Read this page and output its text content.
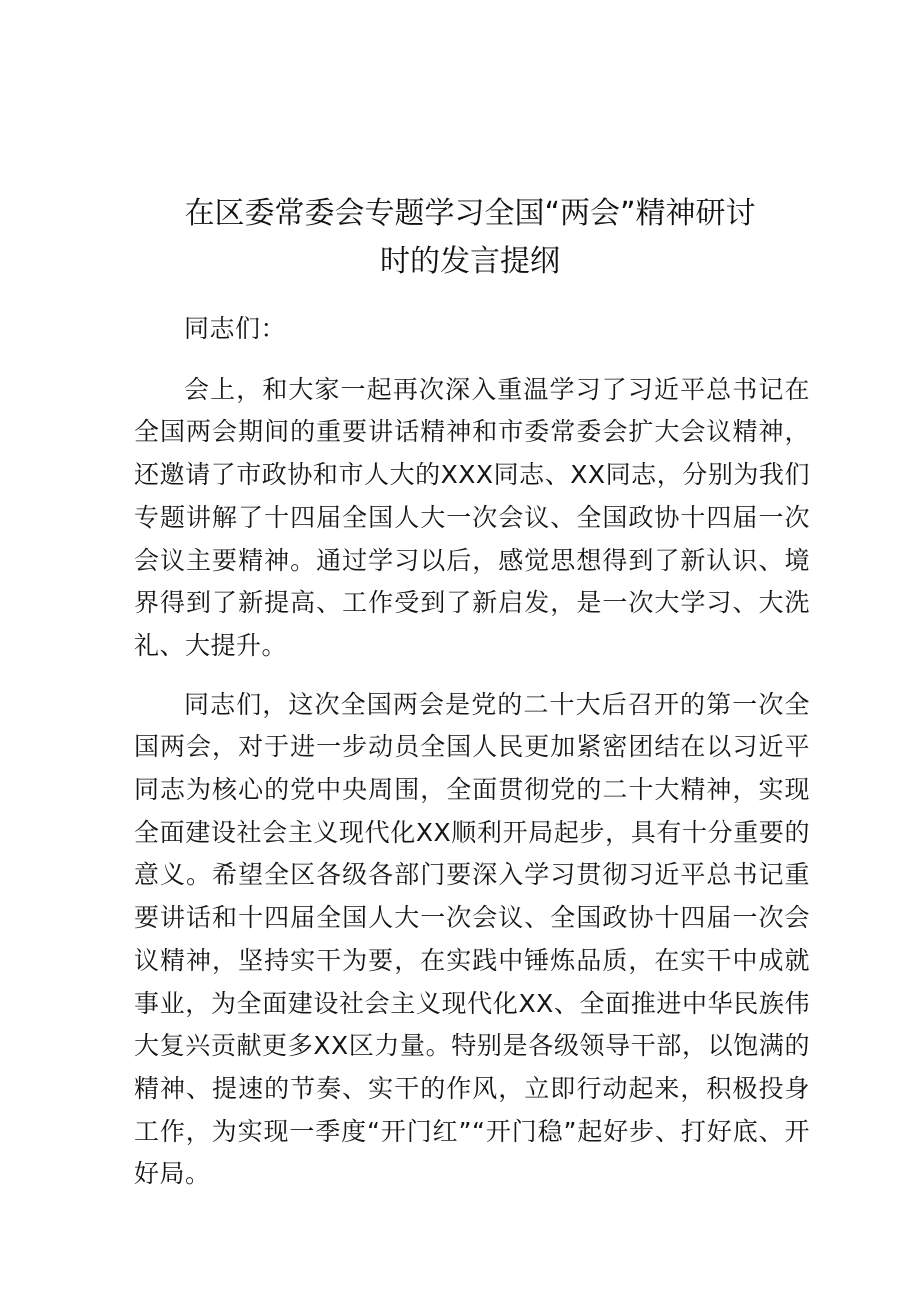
在区委常委会专题学习全国“两会”精神研讨
时的发言提纲

同志们：

会上，和大家一起再次深入重温学习了习近平总书记在全国两会期间的重要讲话精神和市委常委会扩大会议精神，还邀请了市政协和市人大的XXX同志、XX同志，分别为我们专题讲解了十四届全国人大一次会议、全国政协十四届一次会议主要精神。通过学习以后，感觉思想得到了新认识、境界得到了新提高、工作受到了新启发，是一次大学习、大洗礼、大提升。

同志们，这次全国两会是党的二十大后召开的第一次全国两会，对于进一步动员全国人民更加紧密团结在以习近平同志为核心的党中央周围，全面贯彻党的二十大精神，实现全面建设社会主义现代化XX顺利开局起步，具有十分重要的意义。希望全区各级各部门要深入学习贯彻习近平总书记重要讲话和十四届全国人大一次会议、全国政协十四届一次会议精神，坚持实干为要，在实践中锤炼品质，在实干中成就事业，为全面建设社会主义现代化XX、全面推进中华民族伟大复兴贡献更多XX区力量。特别是各级领导干部，以饱满的精神、提速的节奏、实干的作风，立即行动起来，积极投身工作，为实现一季度“开门红”“开门稳”起好步、打好底、开好局。
